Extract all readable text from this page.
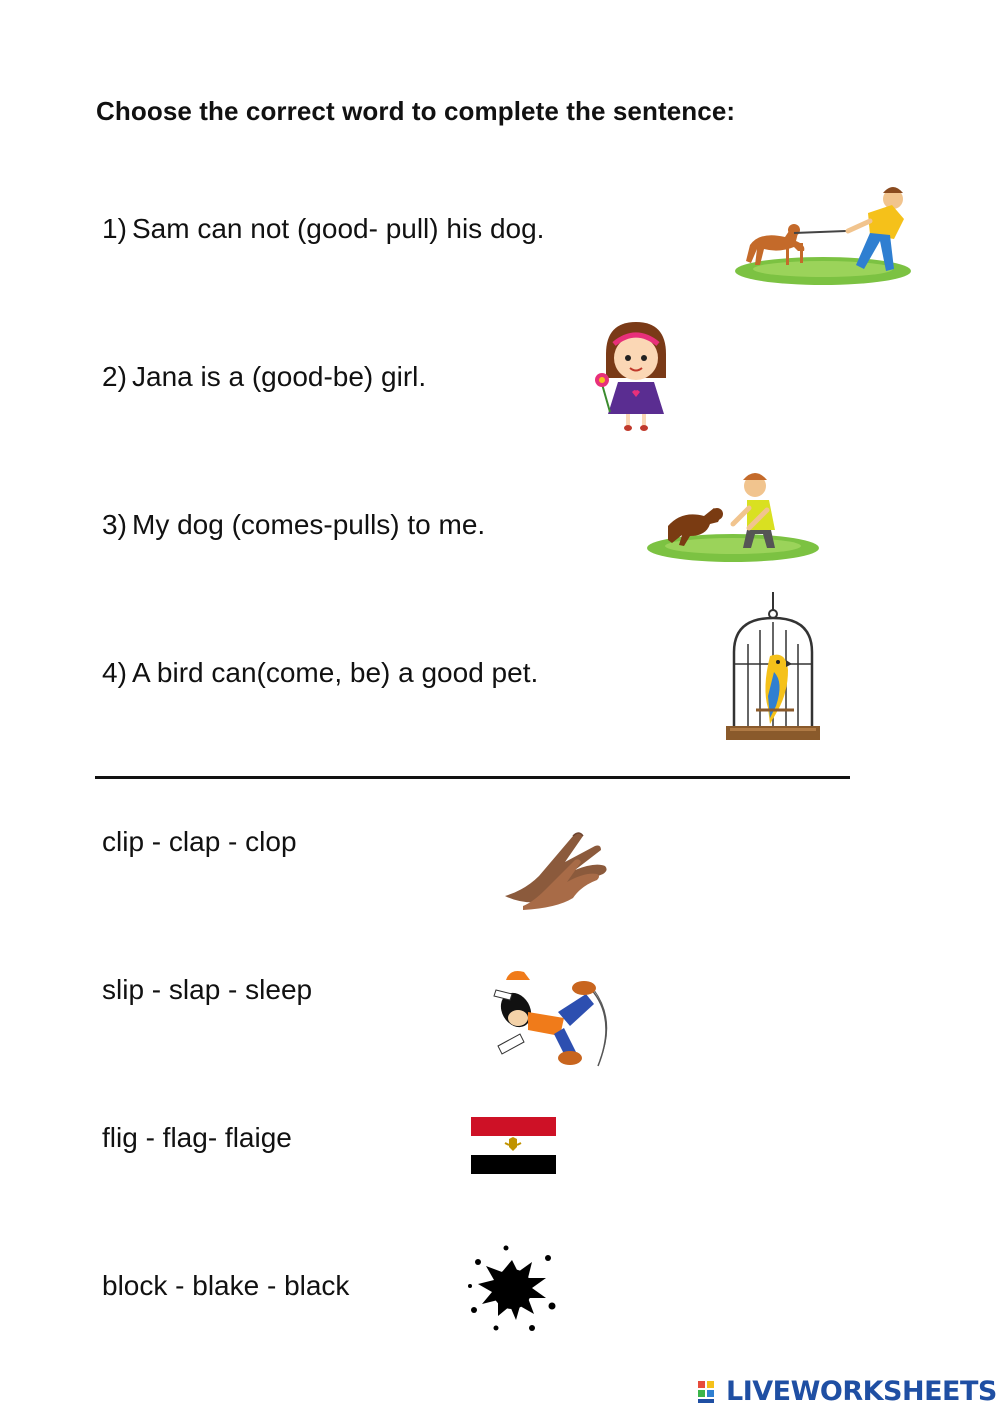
Choose the correct word to complete the sentence:
1) Sam can not (good- pull) his dog.
2) Jana is a (good-be) girl.
3) My dog (comes-pulls) to me.
4) A bird can(come, be) a good pet.
clip - clap - clop
slip - slap - sleep
flig - flag- flaige
block - blake - black
LIVEWORKSHEETS
